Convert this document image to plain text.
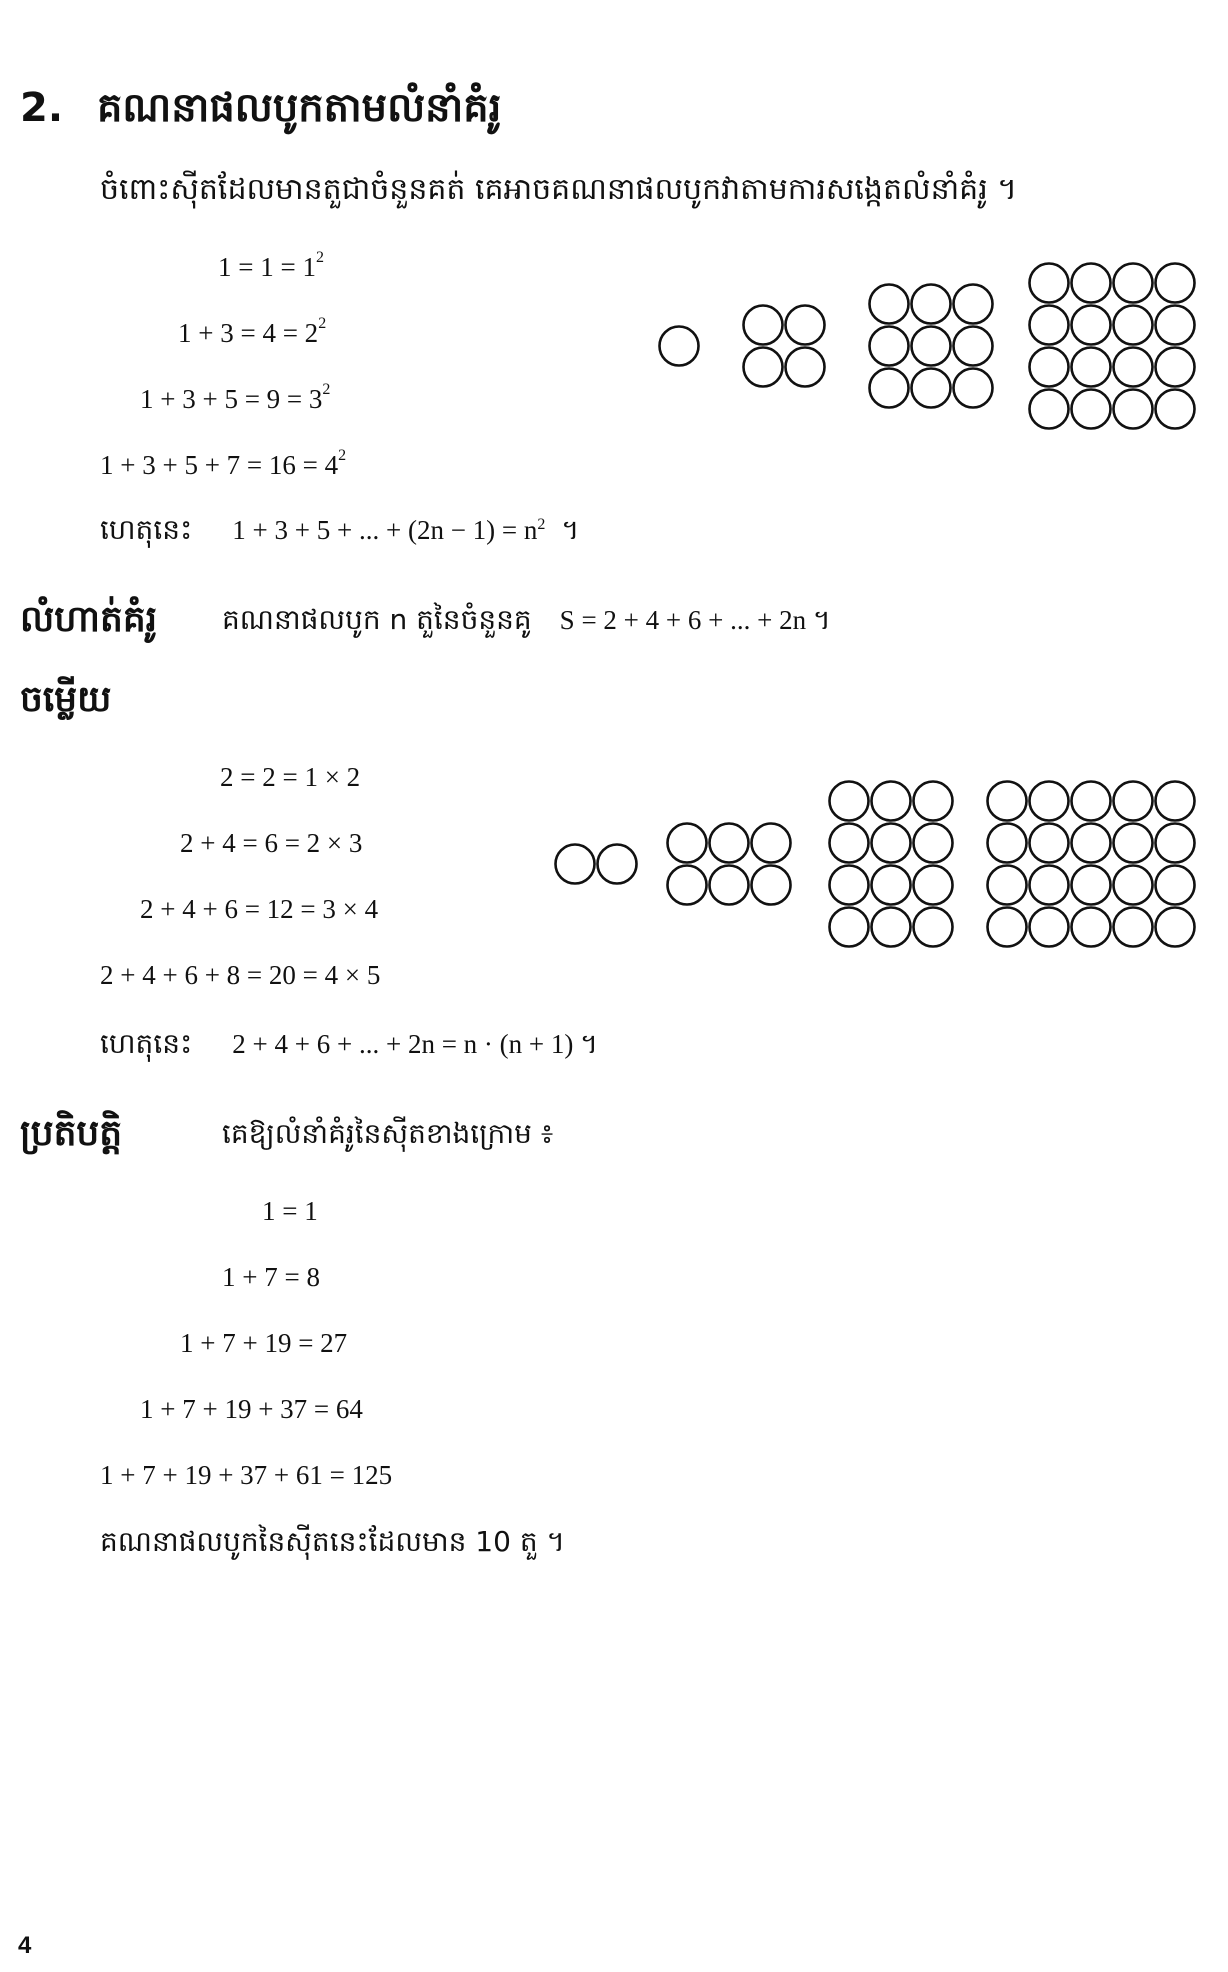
2. គណនាផលបូកតាមលំនាំគំរូ
ចំពោះស៊ីតដែលមានតួជាចំនួនគត់ គេអាចគណនាផលបូកវាតាមការសង្កេតលំនាំគំរូ ។
$1 = 1 = 1^2$
$1 + 3 = 4 = 2^2$
$1 + 3 + 5 = 9 = 3^2$
$1 + 3 + 5 + 7 = 16 = 4^2$
ហេតុនេះ 1 + 3 + 5 + ... + $(2n - 1) = n^2$ ។
លំហាត់គំរូ គណនាផលបូក n តួនៃចំនួនគូ S = 2 + 4 + 6 + ... + 2n ។
ចម្លើយ
2 = 2 = 1 × 2
2 + 4 = 6 = 2 × 3
2 + 4 + 6 = 12 = 3 × 4
2 + 4 + 6 + 8 = 20 = 4 × 5
ហេតុនេះ 2 + 4 + 6 + ... + 2n = n · (n + 1) ។
ប្រតិបត្តិ	គេឱ្យលំនាំគំរូនៃស៊ីតខាងក្រោម ៖
1 = 1
1 + 7 = 8
1 + 7 + 19 = 27
1 + 7 + 19 + 37 = 64
1 + 7 + 19 + 37 + 61 = 125
គណនាផលបូកនៃស៊ីតនេះដែលមាន 10 តួ ។
4
